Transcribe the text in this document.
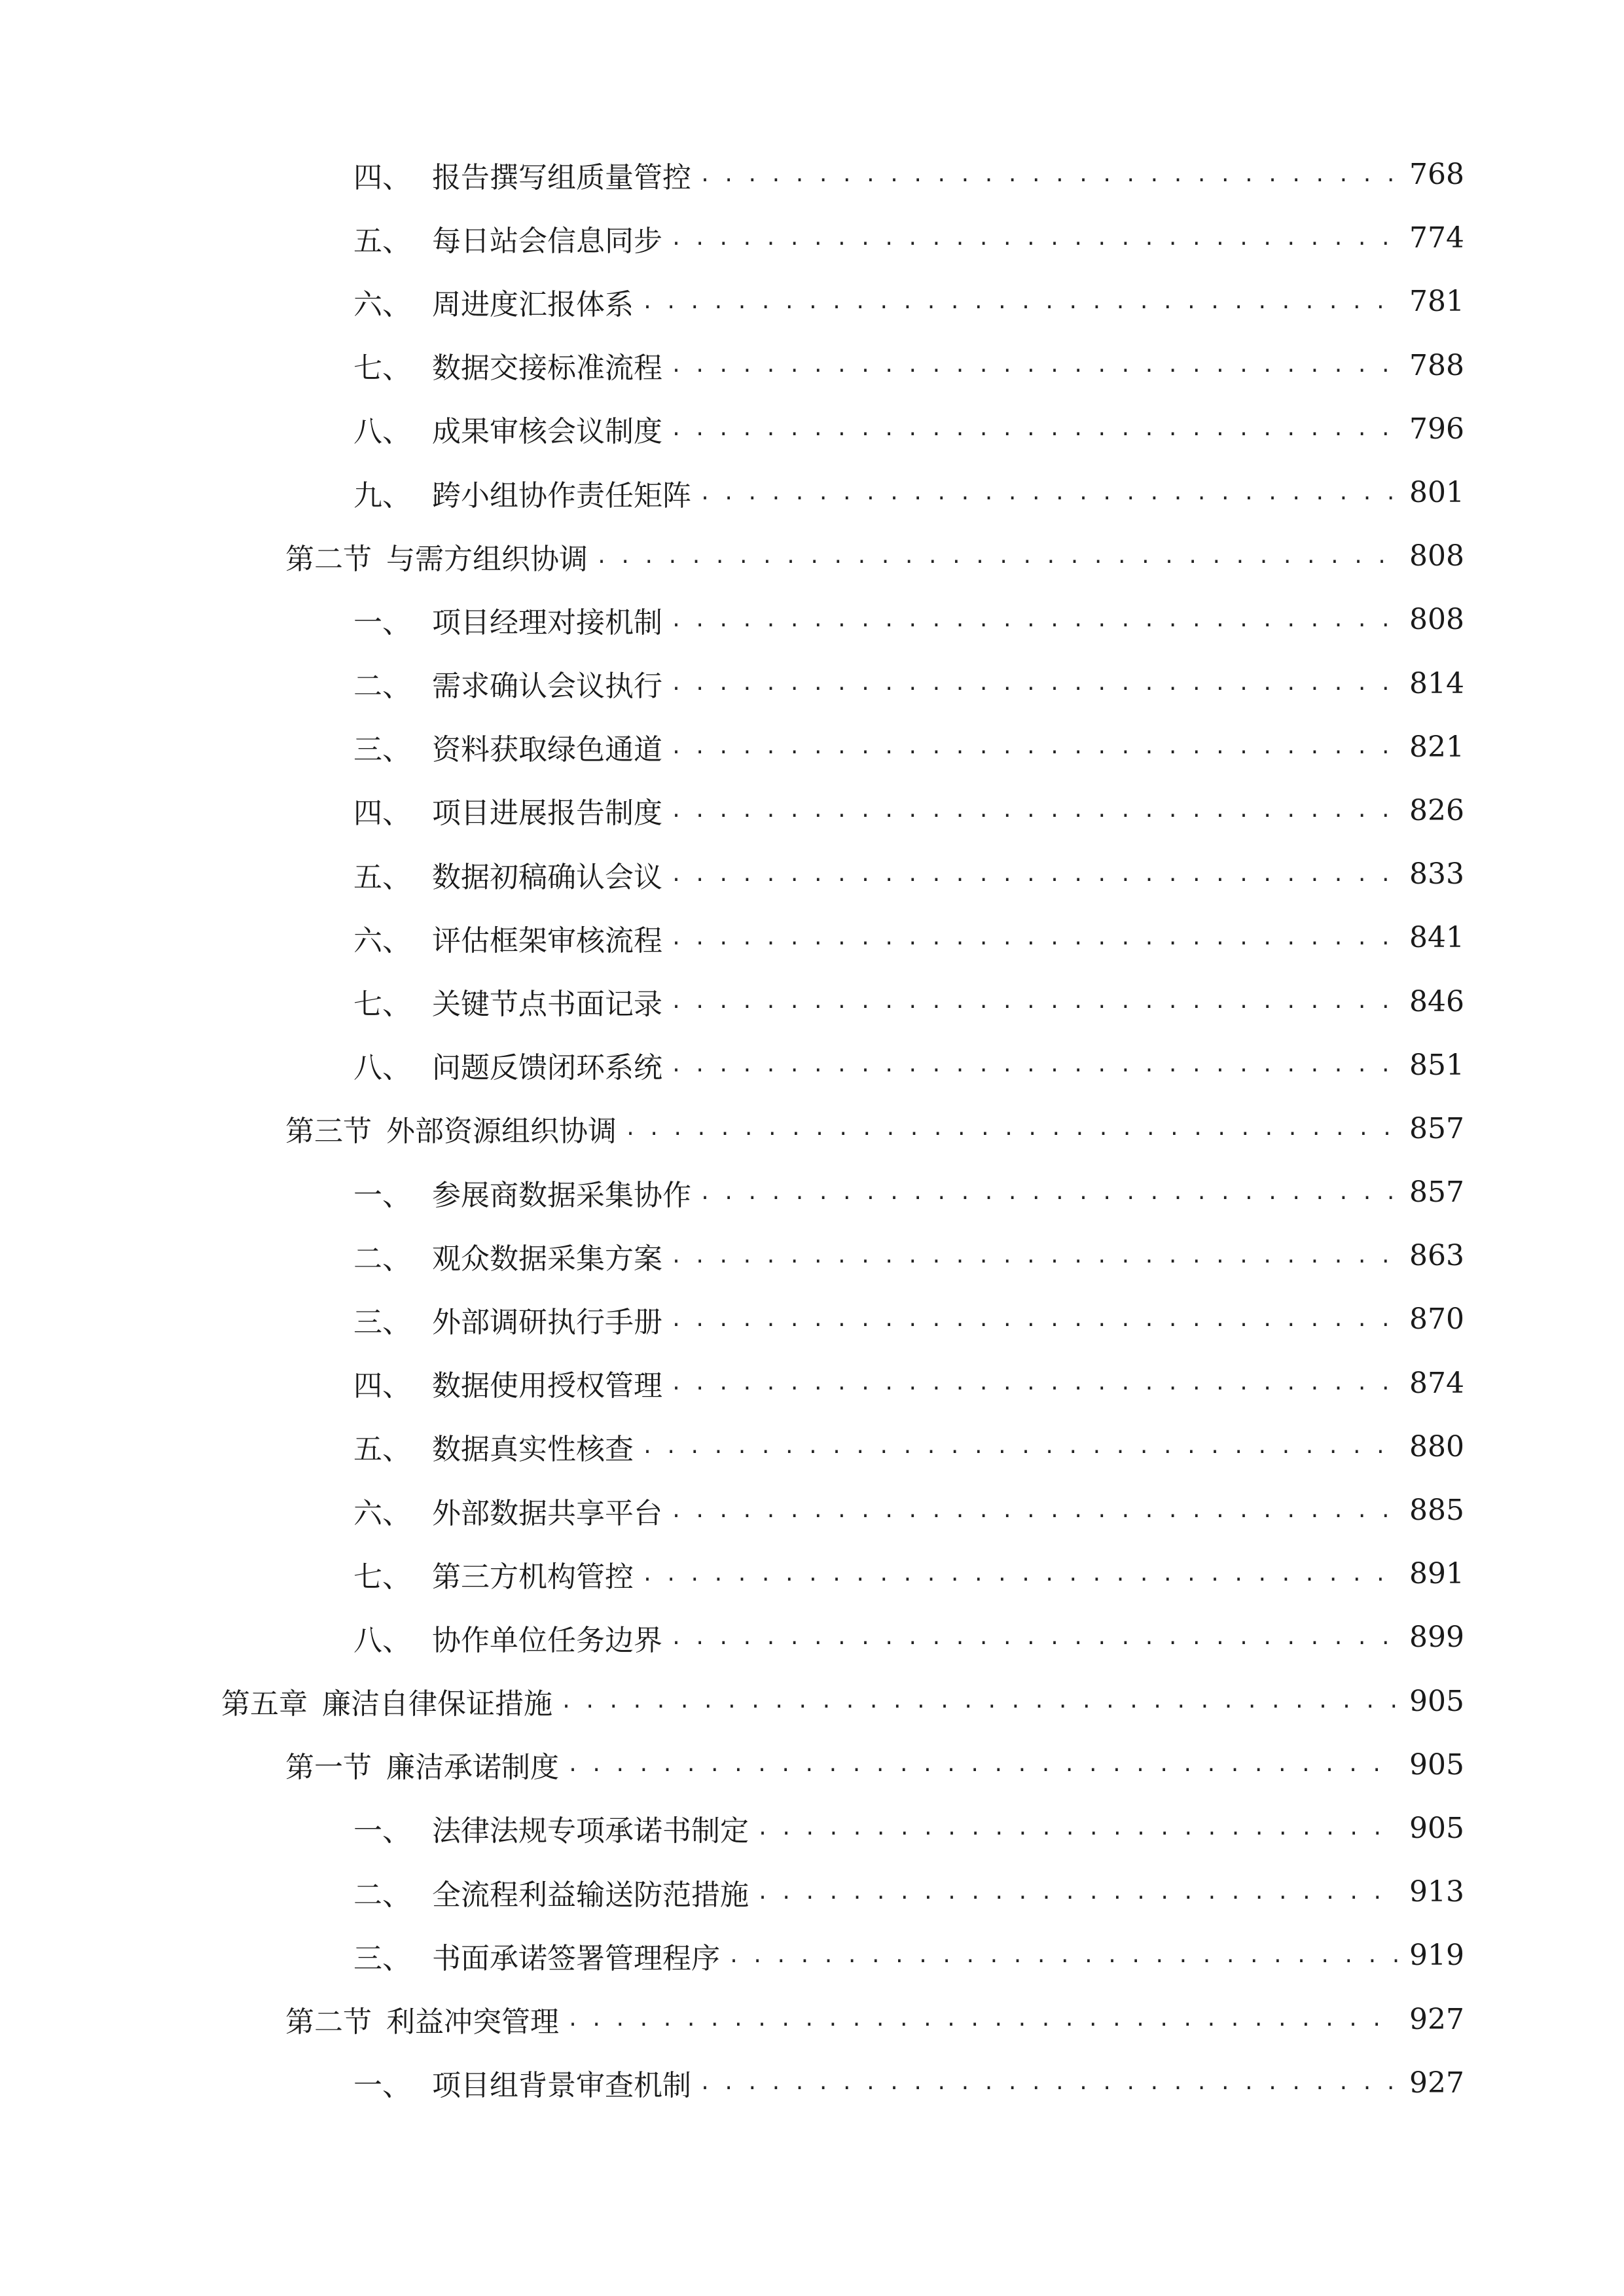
四、 报告撰写组质量管控 . . .	768
五、 每日站会信息同步 . . .	774
六、 周进度汇报体系 . . .	781
七、 数据交接标准流程 . . .	788
八、 成果审核会议制度 . . .	796
九、 跨小组协作责任矩阵 . . .	801
第二节 与需方组织协调 . . .	808
一、 项目经理对接机制 . . .	808
二、 需求确认会议执行 . . .	814
三、 资料获取绿色通道 . . .	821
四、 项目进展报告制度 . . .	826
五、 数据初稿确认会议 . . .	833
六、 评估框架审核流程 . . .	841
七、 关键节点书面记录 . . .	846
八、 问题反馈闭环系统 . . .	851
第三节 外部资源组织协调 . . .	857
一、 参展商数据采集协作 . . .	857
二、 观众数据采集方案 . . .	863
三、 外部调研执行手册 . . .	870
四、 数据使用授权管理 . . .	874
五、 数据真实性核查 . . .	880
六、 外部数据共享平台 . . .	885
七、 第三方机构管控 . . .	891
八、 协作单位任务边界 . . .	899
第五章 廉洁自律保证措施 . . .	905
第一节 廉洁承诺制度 . . .	905
一、 法律法规专项承诺书制定 . . .	905
二、 全流程利益输送防范措施 . . .	913
三、 书面承诺签署管理程序 . . .	919
第二节 利益冲突管理 . . .	927
一、 项目组背景审查机制 . . .	927
